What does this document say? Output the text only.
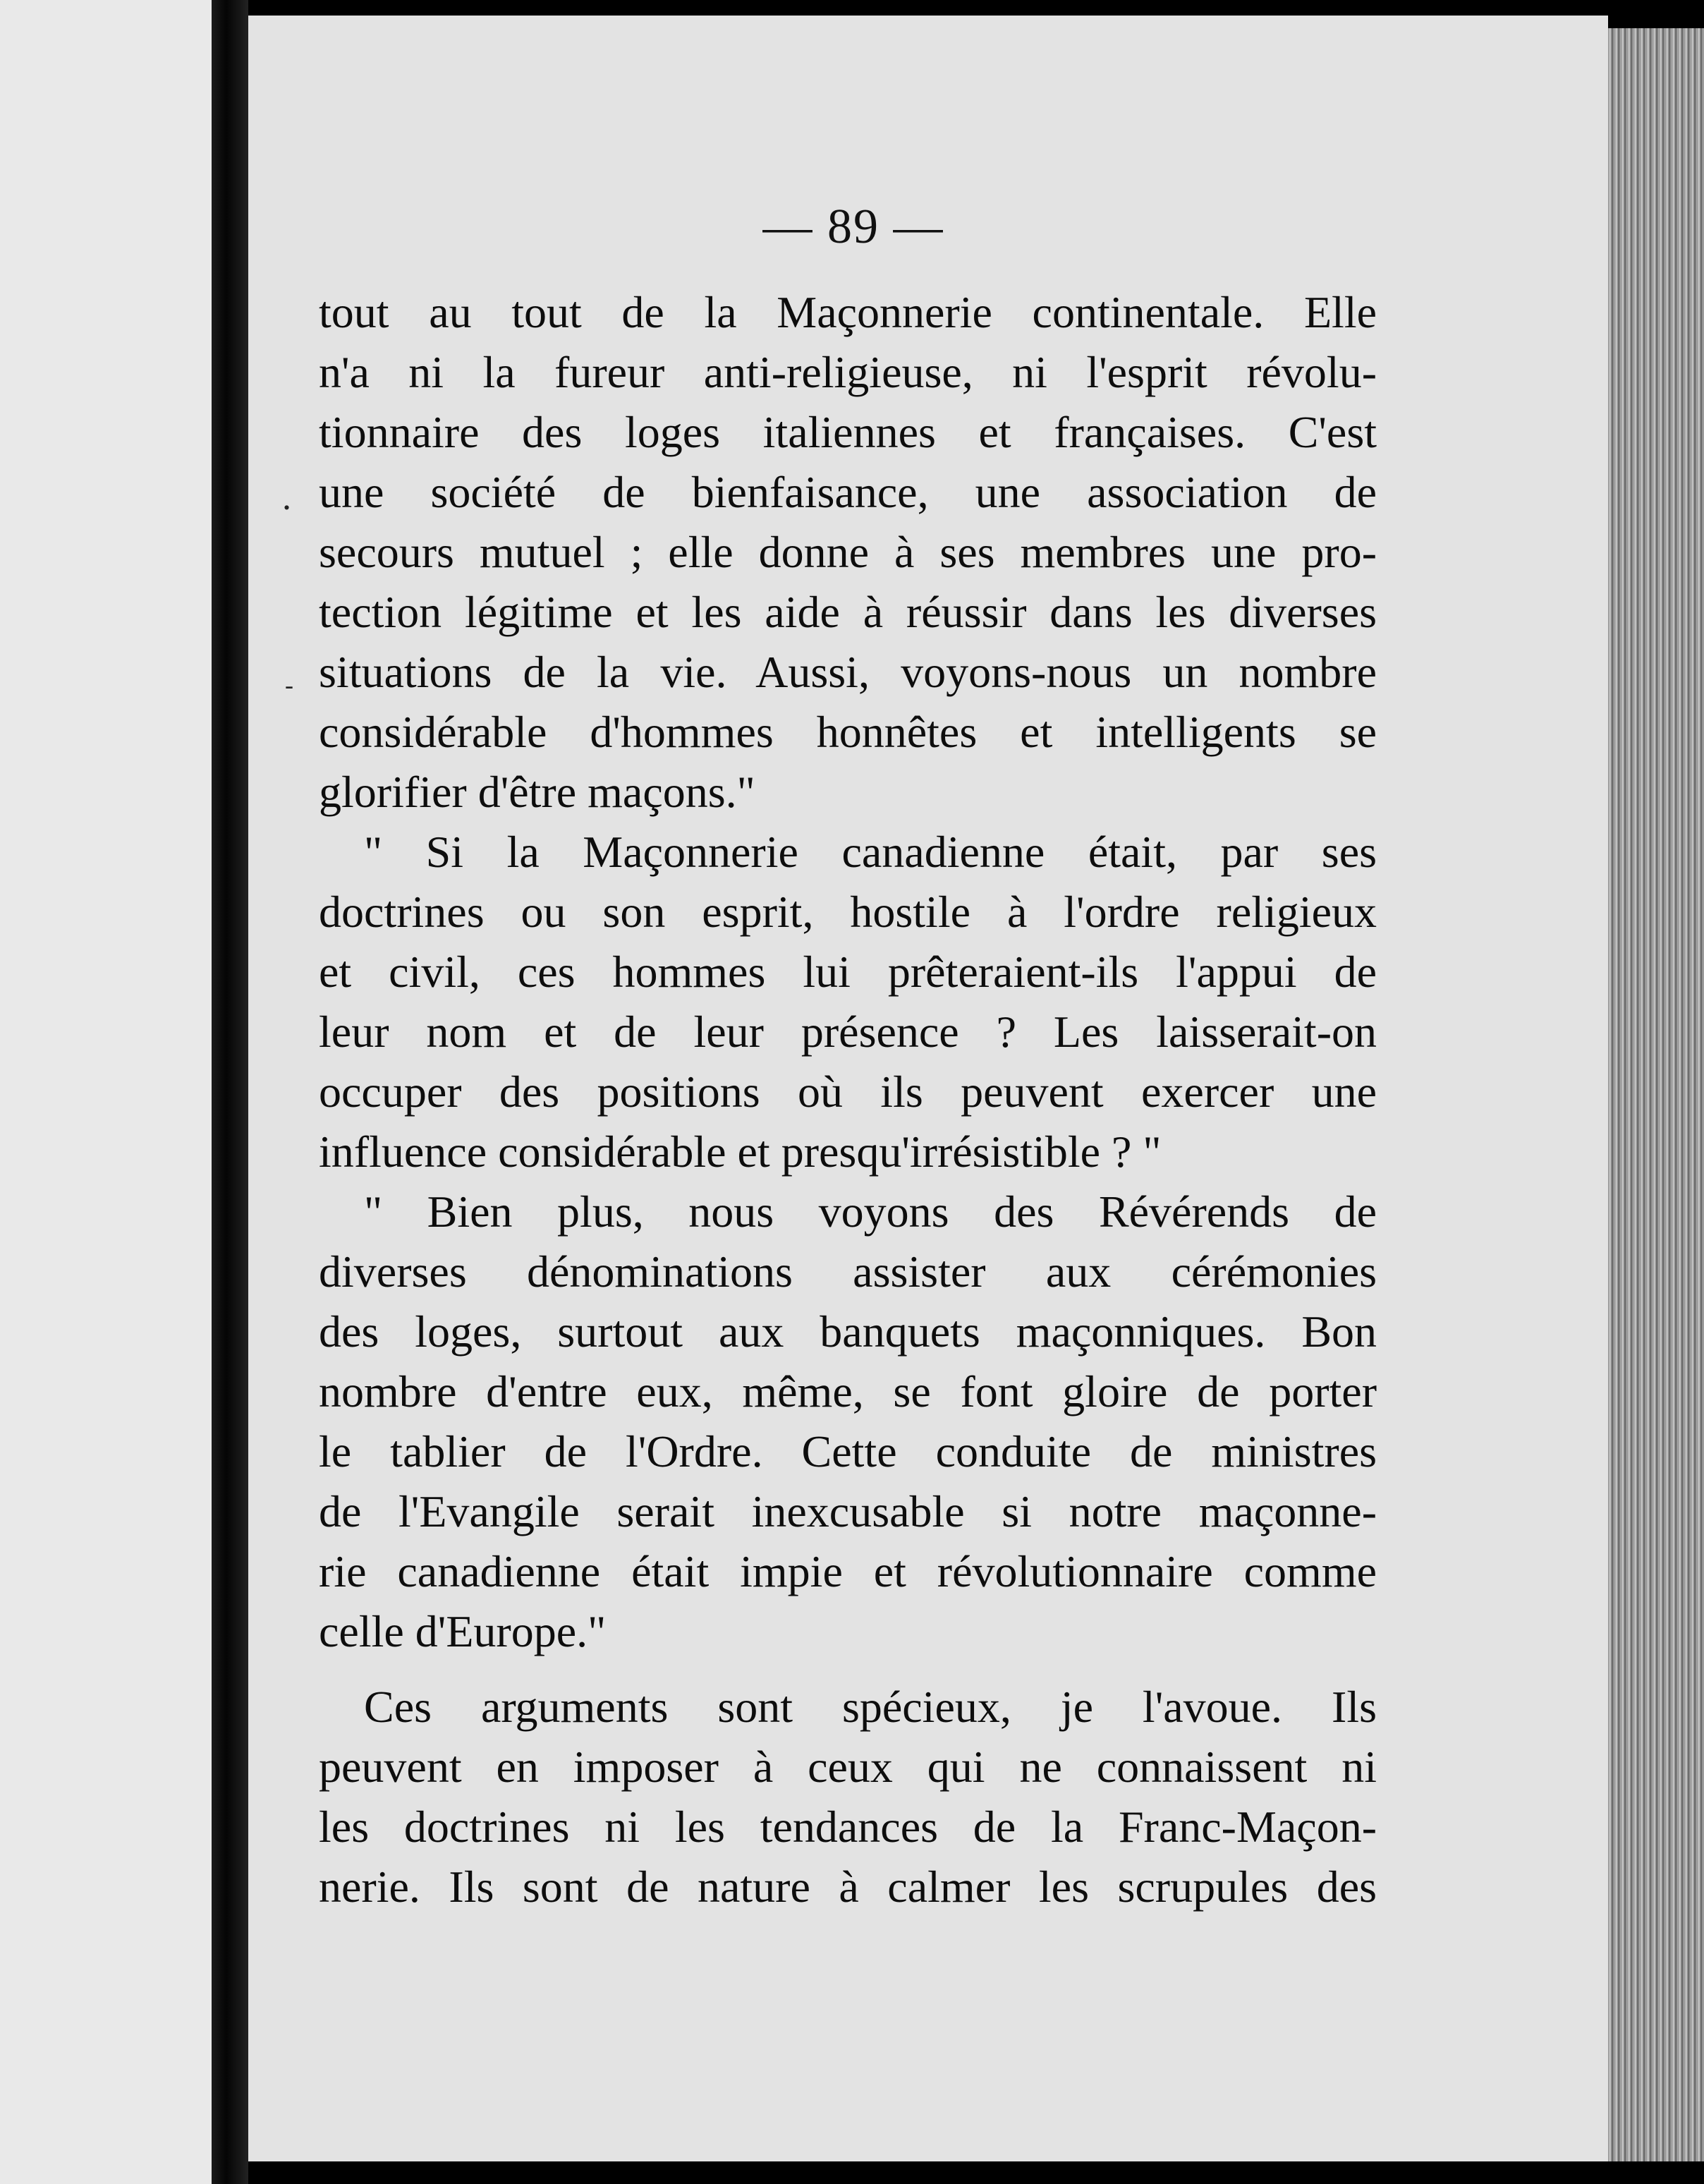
— 89 —
.
-
tout au tout de la Maçonnerie continentale. Elle
n'a ni la fureur anti-religieuse, ni l'esprit révolu-
tionnaire des loges italiennes et françaises. C'est
une société de bienfaisance, une association de
secours mutuel ; elle donne à ses membres une pro-
tection légitime et les aide à réussir dans les diverses
situations de la vie. Aussi, voyons-nous un nombre
considérable d'hommes honnêtes et intelligents se
glorifier d'être maçons."
" Si la Maçonnerie canadienne était, par ses
doctrines ou son esprit, hostile à l'ordre religieux
et civil, ces hommes lui prêteraient-ils l'appui de
leur nom et de leur présence ? Les laisserait-on
occuper des positions où ils peuvent exercer une
influence considérable et presqu'irrésistible ? "
" Bien plus, nous voyons des Révérends de
diverses dénominations assister aux cérémonies
des loges, surtout aux banquets maçonniques. Bon
nombre d'entre eux, même, se font gloire de porter
le tablier de l'Ordre. Cette conduite de ministres
de l'Evangile serait inexcusable si notre maçonne-
rie canadienne était impie et révolutionnaire comme
celle d'Europe."
Ces arguments sont spécieux, je l'avoue. Ils
peuvent en imposer à ceux qui ne connaissent ni
les doctrines ni les tendances de la Franc-Maçon-
nerie. Ils sont de nature à calmer les scrupules des
